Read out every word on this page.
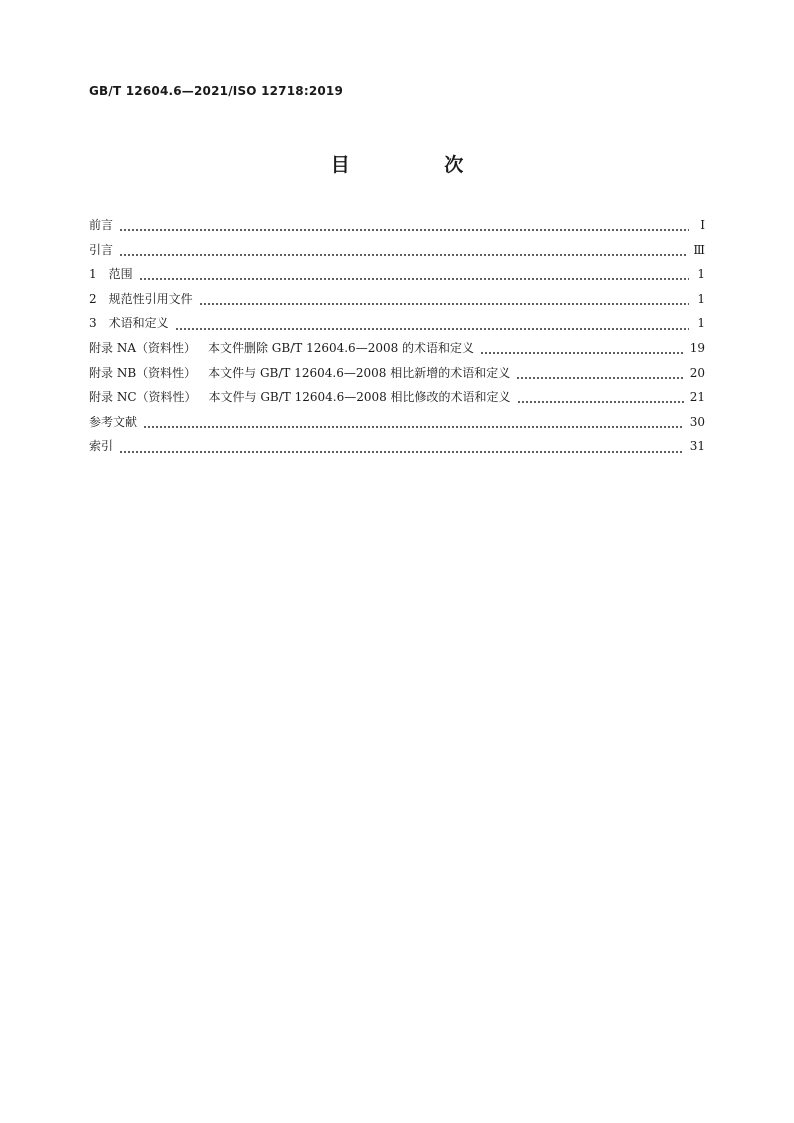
GB/T 12604.6—2021/ISO 12718:2019
目 次
前言	Ⅰ
引言	Ⅲ
1 范围	1
2 规范性引用文件	1
3 术语和定义	1
附录 NA（资料性） 本文件删除 GB/T 12604.6—2008 的术语和定义	19
附录 NB（资料性） 本文件与 GB/T 12604.6—2008 相比新增的术语和定义	20
附录 NC（资料性） 本文件与 GB/T 12604.6—2008 相比修改的术语和定义	21
参考文献	30
索引	31
